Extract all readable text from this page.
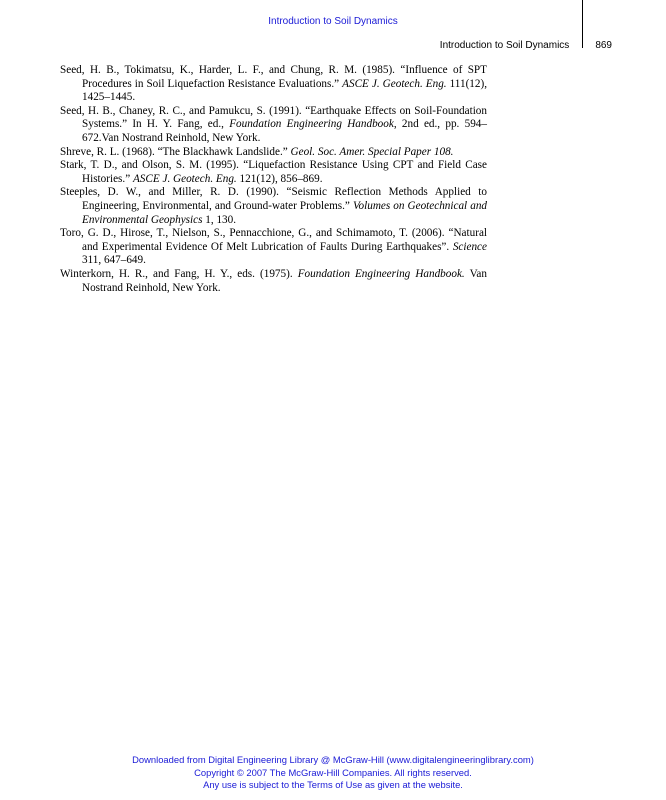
Introduction to Soil Dynamics
Introduction to Soil Dynamics	869

Seed, H. B., Tokimatsu, K., Harder, L. F., and Chung, R. M. (1985). “Influence of SPT Procedures in Soil Liquefaction Resistance Evaluations.” ASCE J. Geotech. Eng. 111(12), 1425–1445.

Seed, H. B., Chaney, R. C., and Pamukcu, S. (1991). “Earthquake Effects on Soil-Foundation Systems.” In H. Y. Fang, ed., Foundation Engineering Handbook, 2nd ed., pp. 594–672.Van Nostrand Reinhold, New York.

Shreve, R. L. (1968). “The Blackhawk Landslide.” Geol. Soc. Amer. Special Paper 108.

Stark, T. D., and Olson, S. M. (1995). “Liquefaction Resistance Using CPT and Field Case Histories.” ASCE J. Geotech. Eng. 121(12), 856–869.

Steeples, D. W., and Miller, R. D. (1990). “Seismic Reflection Methods Applied to Engineering, Environmental, and Ground-water Problems.” Volumes on Geotechnical and Environmental Geophysics 1, 130.

Toro, G. D., Hirose, T., Nielson, S., Pennacchione, G., and Schimamoto, T. (2006). “Natural and Experimental Evidence Of Melt Lubrication of Faults During Earthquakes”. Science 311, 647–649.

Winterkorn, H. R., and Fang, H. Y., eds. (1975). Foundation Engineering Handbook. Van Nostrand Reinhold, New York.

Downloaded from Digital Engineering Library @ McGraw-Hill (www.digitalengineeringlibrary.com)
Copyright © 2007 The McGraw-Hill Companies. All rights reserved.
Any use is subject to the Terms of Use as given at the website.
